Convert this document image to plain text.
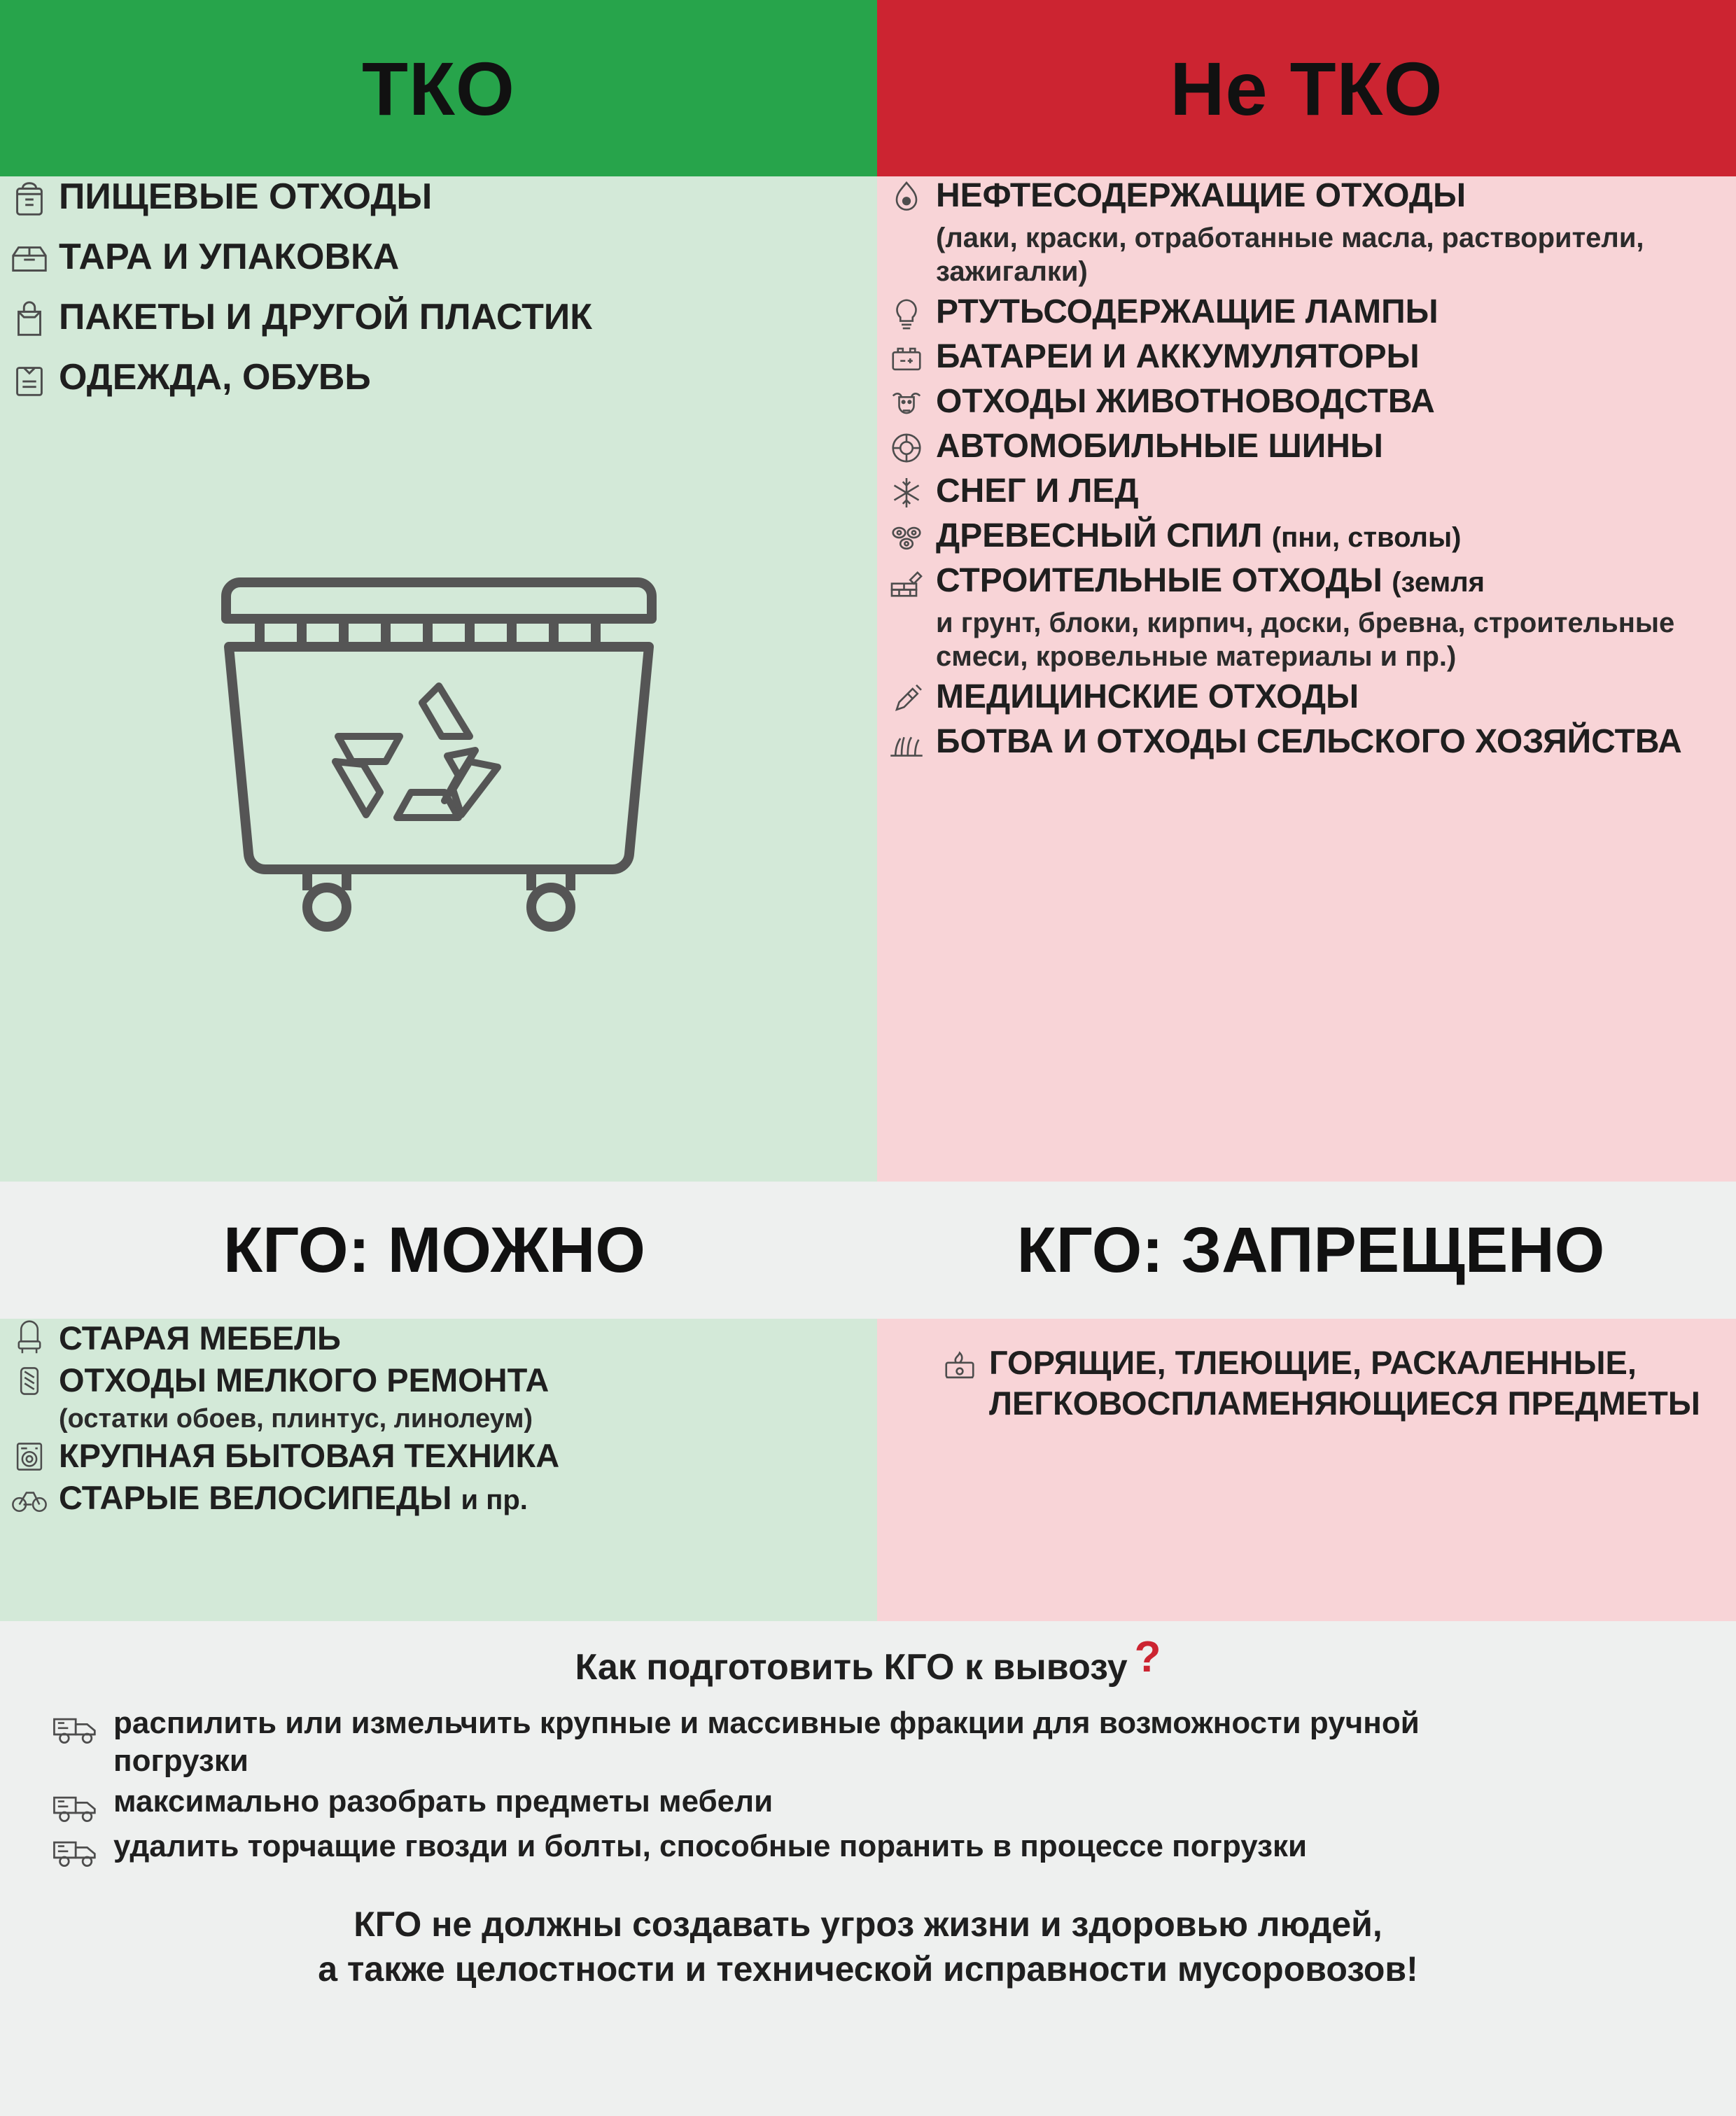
ТКО	Не ТКО
ПИЩЕВЫЕ ОТХОДЫ
ТАРА И УПАКОВКА
ПАКЕТЫ И ДРУГОЙ ПЛАСТИК
ОДЕЖДА, ОБУВЬ
НЕФТЕСОДЕРЖАЩИЕ ОТХОДЫ
(лаки, краски, отработанные масла, растворители, зажигалки)
РТУТЬСОДЕРЖАЩИЕ ЛАМПЫ
БАТАРЕИ И АККУМУЛЯТОРЫ
ОТХОДЫ ЖИВОТНОВОДСТВА
АВТОМОБИЛЬНЫЕ ШИНЫ
СНЕГ И ЛЕД
ДРЕВЕСНЫЙ СПИЛ (пни, стволы)
СТРОИТЕЛЬНЫЕ ОТХОДЫ (земля
и грунт, блоки, кирпич, доски, бревна, строительные смеси, кровельные материалы и пр.)
МЕДИЦИНСКИЕ ОТХОДЫ
БОТВА И ОТХОДЫ СЕЛЬСКОГО ХОЗЯЙСТВА
КГО: МОЖНО	КГО: ЗАПРЕЩЕНО
СТАРАЯ МЕБЕЛЬ
ОТХОДЫ МЕЛКОГО РЕМОНТА
(остатки обоев, плинтус, линолеум)
КРУПНАЯ БЫТОВАЯ ТЕХНИКА
СТАРЫЕ ВЕЛОСИПЕДЫ и пр.
ГОРЯЩИЕ, ТЛЕЮЩИЕ, РАСКАЛЕННЫЕ, ЛЕГКОВОСПЛАМЕНЯЮЩИЕСЯ ПРЕДМЕТЫ
Как подготовить КГО к вывозу ?
распилить или измельчить крупные и массивные фракции для возможности ручной погрузки
максимально разобрать предметы мебели
удалить торчащие гвозди и болты, способные поранить в процессе погрузки
КГО не должны создавать угроз жизни и здоровью людей,
а также целостности и технической исправности мусоровозов!
